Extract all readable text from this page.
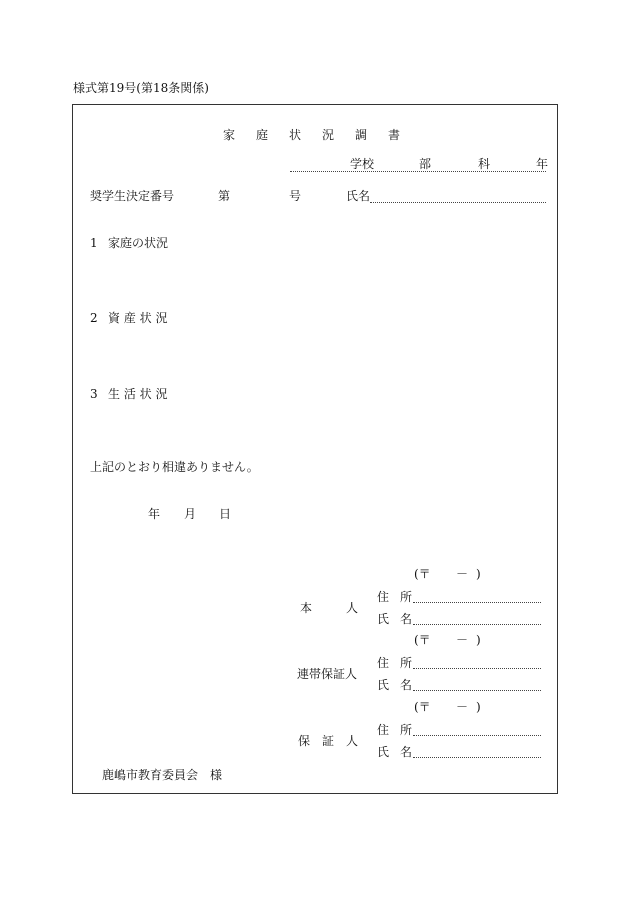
様式第19号(第18条関係)
家 庭 状 況 調 書
学校	部	科	年
奨学生決定番号	第	号	氏名
1 家庭の状況
2 資 産 状 況
3 生 活 状 況
上記のとおり相違ありません。
年 月 日
(〒 － )
本	人
住 所
氏 名
(〒 － )
連帯保証人
住 所
氏 名
(〒 － )
保 証 人
住 所
氏 名
鹿嶋市教育委員会　様
